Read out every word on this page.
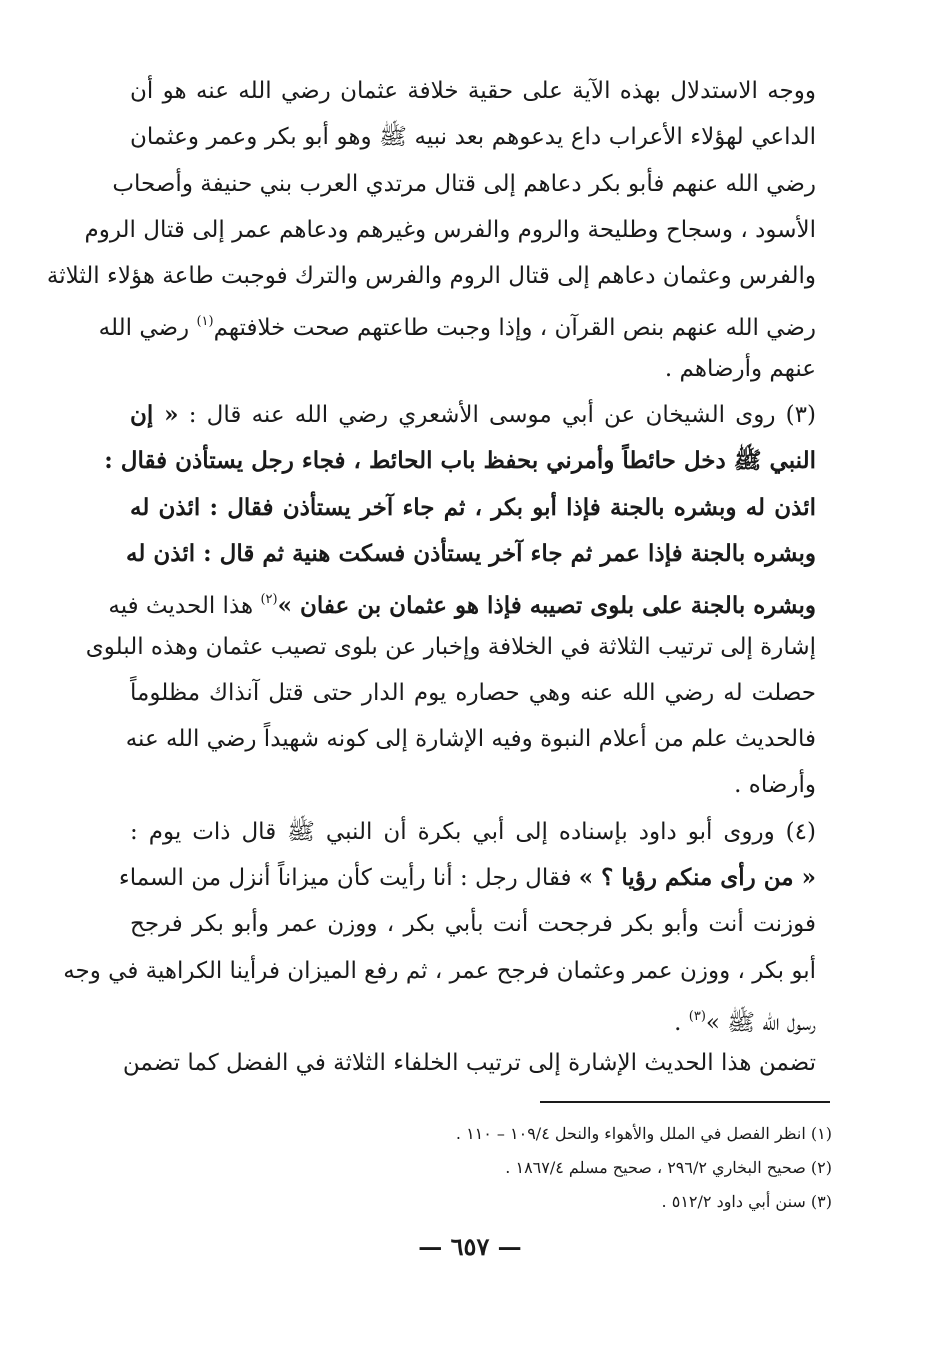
ووجه الاستدلال بهذه الآية على حقية خلافة عثمان رضي الله عنه هو أن
الداعي لهؤلاء الأعراب داع يدعوهم بعد نبيه ﷺ وهو أبو بكر وعمر وعثمان
رضي الله عنهم فأبو بكر دعاهم إلى قتال مرتدي العرب بني حنيفة وأصحاب
الأسود ، وسجاح وطليحة والروم والفرس وغيرهم ودعاهم عمر إلى قتال الروم
والفرس وعثمان دعاهم إلى قتال الروم والفرس والترك فوجبت طاعة هؤلاء الثلاثة
رضي الله عنهم بنص القرآن ، وإذا وجبت طاعتهم صحت خلافتهم$^{(١)}$ رضي الله
عنهم وأرضاهم .
(٣) روى الشيخان عن أبي موسى الأشعري رضي الله عنه قال : « إن
النبي ﷺ دخل حائطاً وأمرني بحفظ باب الحائط ، فجاء رجل يستأذن فقال :
ائذن له وبشره بالجنة فإذا أبو بكر ، ثم جاء آخر يستأذن فقال : ائذن له
وبشره بالجنة فإذا عمر ثم جاء آخر يستأذن فسكت هنية ثم قال : ائذن له
وبشره بالجنة على بلوى تصيبه فإذا هو عثمان بن عفان »$^{(٢)}$ هذا الحديث فيه
إشارة إلى ترتيب الثلاثة في الخلافة وإخبار عن بلوى تصيب عثمان وهذه البلوى
حصلت له رضي الله عنه وهي حصاره يوم الدار حتى قتل آنذاك مظلوماً
فالحديث علم من أعلام النبوة وفيه الإشارة إلى كونه شهيداً رضي الله عنه
وأرضاه .
(٤) وروى أبو داود بإسناده إلى أبي بكرة أن النبي ﷺ قال ذات يوم :
« من رأى منكم رؤيا ؟ » فقال رجل : أنا رأيت كأن ميزاناً أنزل من السماء
فوزنت أنت وأبو بكر فرجحت أنت بأبي بكر ، ووزن عمر وأبو بكر فرجح
أبو بكر ، ووزن عمر وعثمان فرجح عمر ، ثم رفع الميزان فرأينا الكراهية في وجه
رسول الله ﷺ »$^{(٣)}$ .
تضمن هذا الحديث الإشارة إلى ترتيب الخلفاء الثلاثة في الفضل كما تضمن
(١) انظر الفصل في الملل والأهواء والنحل ١٠٩/٤ – ١١٠ .
(٢) صحيح البخاري ٢٩٦/٢ ، صحيح مسلم ١٨٦٧/٤ .
(٣) سنن أبي داود ٥١٢/٢ .
— ٦٥٧ —
